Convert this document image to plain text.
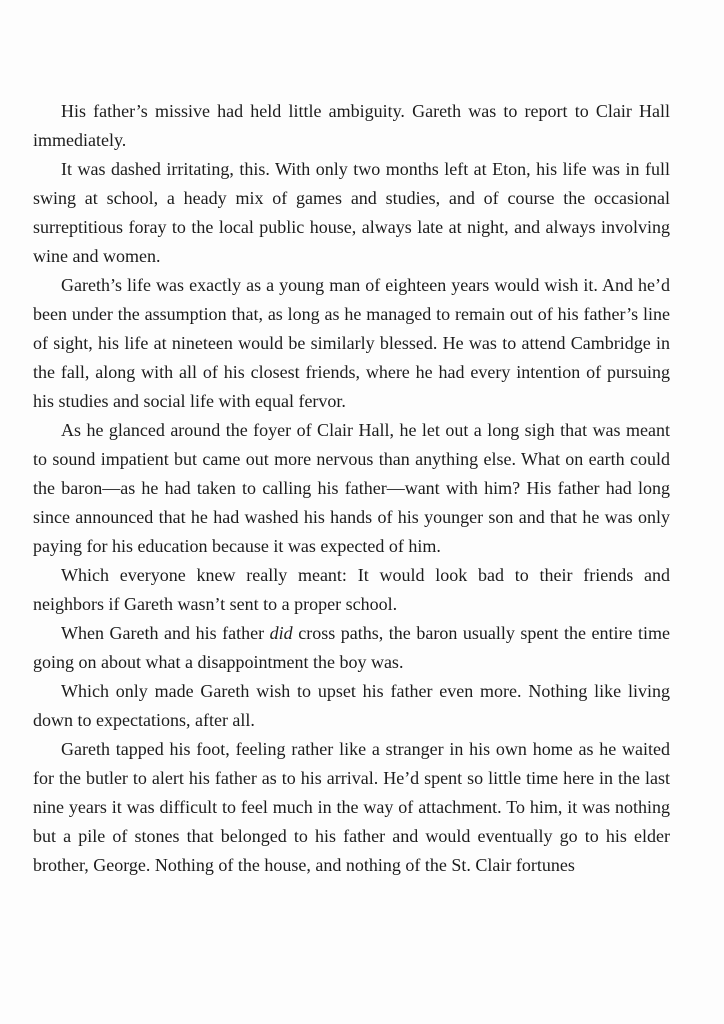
His father’s missive had held little ambiguity. Gareth was to report to Clair Hall immediately.

It was dashed irritating, this. With only two months left at Eton, his life was in full swing at school, a heady mix of games and studies, and of course the occasional surreptitious foray to the local public house, always late at night, and always involving wine and women.

Gareth’s life was exactly as a young man of eighteen years would wish it. And he’d been under the assumption that, as long as he managed to remain out of his father’s line of sight, his life at nineteen would be similarly blessed. He was to attend Cambridge in the fall, along with all of his closest friends, where he had every intention of pursuing his studies and social life with equal fervor.

As he glanced around the foyer of Clair Hall, he let out a long sigh that was meant to sound impatient but came out more nervous than anything else. What on earth could the baron—as he had taken to calling his father—want with him? His father had long since announced that he had washed his hands of his younger son and that he was only paying for his education because it was expected of him.

Which everyone knew really meant: It would look bad to their friends and neighbors if Gareth wasn’t sent to a proper school.

When Gareth and his father did cross paths, the baron usually spent the entire time going on about what a disappointment the boy was.

Which only made Gareth wish to upset his father even more. Nothing like living down to expectations, after all.

Gareth tapped his foot, feeling rather like a stranger in his own home as he waited for the butler to alert his father as to his arrival. He’d spent so little time here in the last nine years it was difficult to feel much in the way of attachment. To him, it was nothing but a pile of stones that belonged to his father and would eventually go to his elder brother, George. Nothing of the house, and nothing of the St. Clair fortunes
